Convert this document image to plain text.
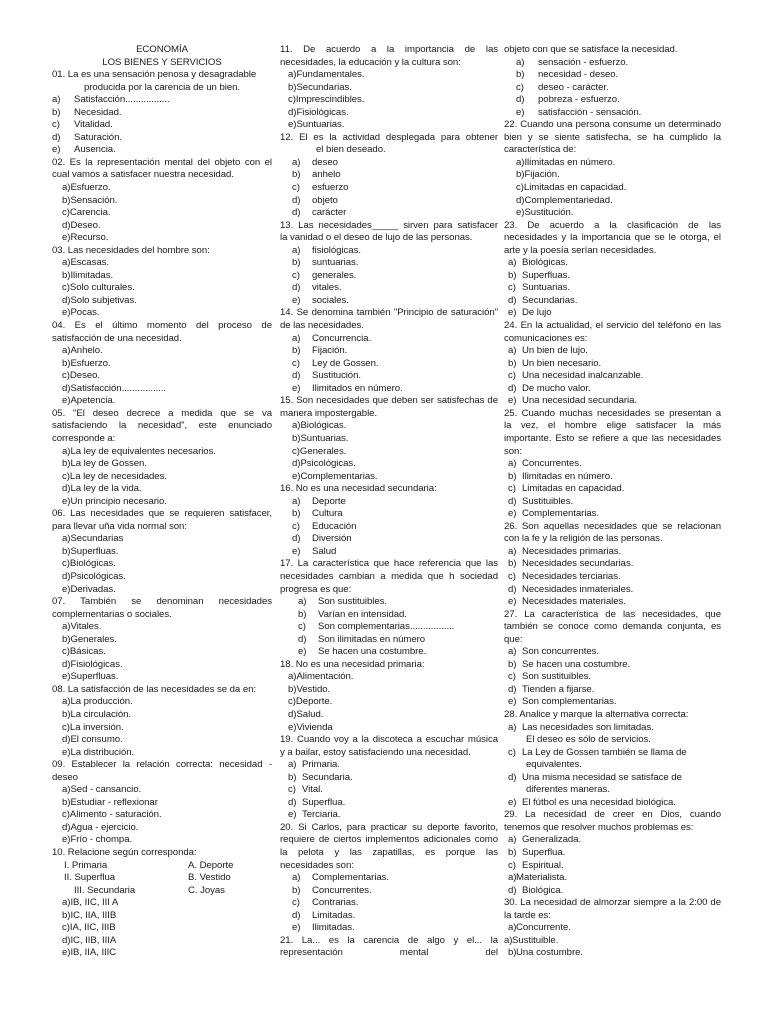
ECONOMÍA
LOS BIENES Y SERVICIOS
01. La es una sensación penosa y desagradable
producida por la carencia de un bien.
a)	Satisfacción.................
b)	Necesidad.
c)	Vitalidad.
d)	Saturación.
e)	Ausencia.
02. Es la representación mental del objeto con el
cual vamos a satisfacer nuestra necesidad.
a) Esfuerzo.
b) Sensación.
c) Carencia.
d) Deseo.
e) Recurso.
03. Las necesidades del hombre son:
a) Escasas.
b) Ilimitadas.
c) Solo culturales.
d) Solo subjetivas.
e) Pocas.
04. Es el último momento del proceso de
satisfacción de una necesidad.
a) Anhelo.
b) Esfuerzo.
c) Deseo.
d) Satisfacción.................
e) Apetencia.
05. "El deseo decrece a medida que se va
satisfaciendo la necesidad", este enunciado
corresponde a:
a) La ley de equivalentes necesarios.
b) La ley de Gossen.
c) La ley de necesidades.
d) La ley de la vida.
e) Un principio necesario.
06. Las necesidades que se requieren satisfacer,
para llevar uña vida normal son:
a) Secundarias
b) Superfluas.
c) Biológicas.
d) Psicológicas.
e) Derivadas.
07. También se denominan necesidades
complementarias o sociales.
a) Vitales.
b) Generales.
c) Básicas.
d) Fisiológicas.
e) Superfluas.
08. La satisfacción de las necesidades se da en:
a) La producción.
b) La circulación.
c) La inversión.
d) El consumo.
e) La distribución.
09. Establecer la relación correcta: necesidad -
deseo
a) Sed - cansancio.
b) Estudiar - reflexionar
c) Alimento - saturación.
d) Agua - ejercicio.
e) Frío - chompa.
10. Relacione según corresponda:
I. Primaria	A. Deporte
II. Superflua	B. Vestido
III. Secundaria	C. Joyas
a) IB, IIC, III A
b) IC, IIA, IIIB
c) IA, IIC, IIIB
d) IC, IIB, IIIA
e) IB, IIA, IIIC
11. De acuerdo a la importancia de las
necesidades, la educación y la cultura son:
a) Fundamentales.
b) Secundarias.
c) Imprescindibles.
d) Fisiológicas.
e) Suntuarias.
12. El es la actividad desplegada para obtener
el bien deseado.
a)	deseo
b)	anhelo
c)	esfuerzo
d)	objeto
d)	carácter
13. Las necesidades_____ sirven para satisfacer
la vanidad o el deseo de lujo de las personas.
a)	fisiológicas.
b)	suntuarias.
c)	generales.
d)	vitales.
e)	sociales.
14. Se denomina también "Principio de saturación"
de las necesidades.
a)	Concurrencia.
b)	Fijación.
c)	Ley de Gossen.
d)	Sustitución.
e)	Ilimitados en número.
15. Son necesidades que deben ser satisfechas de
manera impostergable.
a) Biológicas.
b) Suntuarias.
c) Generales.
d) Psicológicas.
e) Complementarias.
16. No es una necesidad secundaria:
a)	Deporte
b)	Cultura
c)	Educación
d)	Diversión
e)	Salud
17. La característica que hace referencia que las
necesidades cambian a medida que h sociedad
progresa es que:
a)	Son sustituibles.
b)	Varían en intensidad.
c)	Son complementarias.................
d)	Son ilimitadas en número
e)	Se hacen una costumbre.
18. No es una necesidad primaria:
a) Alimentación.
b) Vestido.
c) Deporte.
d) Salud.
e) Vivienda
19. Cuando voy a la discoteca a escuchar música
y a bailar, estoy satisfaciendo una necesidad.
a) Primaria.
b) Secundaria.
c) Vital.
d) Superflua.
e) Terciaria.
20. Si Carlos, para practicar su deporte favorito,
requiere de ciertos implementos adicionales como
la pelota y las zapatillas, es porque las
necesidades son:
a)	Complementarias.
b)	Concurrentes.
c)	Contrarias.
d)	Limitadas.
e)	Ilimitadas.
21. La... es la carencia de algo y el... la
representación mental del
objeto con que se satisface la necesidad.
a)	sensación - esfuerzo.
b)	necesidad - deseo.
c)	deseo - carácter.
d)	pobreza - esfuerzo.
e)	satisfacción - sensación.
22. Cuando una persona consume un determinado
bien y se siente satisfecha, se ha cumplido la
característica de:
a) Ilimitadas en número.
b) Fijación.
c) Limitadas en capacidad.
d) Complementariedad.
e) Sustitución.
23. De acuerdo a la clasificación de las
necesidades y la importancia que se le otorga, el
arte y la poesía serían necesidades.
a) Biológicas.
b) Superfluas.
c) Suntuarias.
d) Secundarias.
e) De lujo
24. En la actualidad, el servicio del teléfono en las
comunicaciones es:
a) Un bien de lujo.
b) Un bien necesario.
c) Una necesidad inalcanzable.
d) De mucho valor.
e) Una necesidad secundaria.
25. Cuando muchas necesidades se presentan a
la vez, el hombre elige satisfacer la más
importante. Esto se refiere a que las necesidades
son:
a) Concurrentes.
b) Ilimitadas en número.
c) Limitadas en capacidad.
d) Sustituibles.
e) Complementarias.
26. Son aquellas necesidades que se relacionan
con la fe y la religión de las personas.
a) Necesidades primarias.
b) Necesidades secundarias.
c) Necesidades terciarias.
d) Necesidades inmateriales.
e) Necesidades materiales.
27. La característica de las necesidades, que
también se conoce como demanda conjunta, es
que:
a) Son concurrentes.
b) Se hacen una costumbre.
c) Son sustituibles.
d) Tienden a fijarse.
e) Son complementarias.
28. Analice y marque la alternativa correcta:
a) Las necesidades son limitadas.
El deseo es sólo de servicios.
c) La Ley de Gossen también se llama de
equivalentes.
d) Una misma necesidad se satisface de
diferentes maneras.
e) El fútbol es una necesidad biológica.
29. La necesidad de creer en Dios, cuando
tenemos que resolver muchos problemas es:
a) Generalizada.
b) Superflua.
c) Espiritual.
a) Materialista.
d) Biológica.
30. La necesidad de almorzar siempre a la 2:00 de
la tarde es:
a) Concurrente.
a) Sustituible.
b) Una costumbre.
